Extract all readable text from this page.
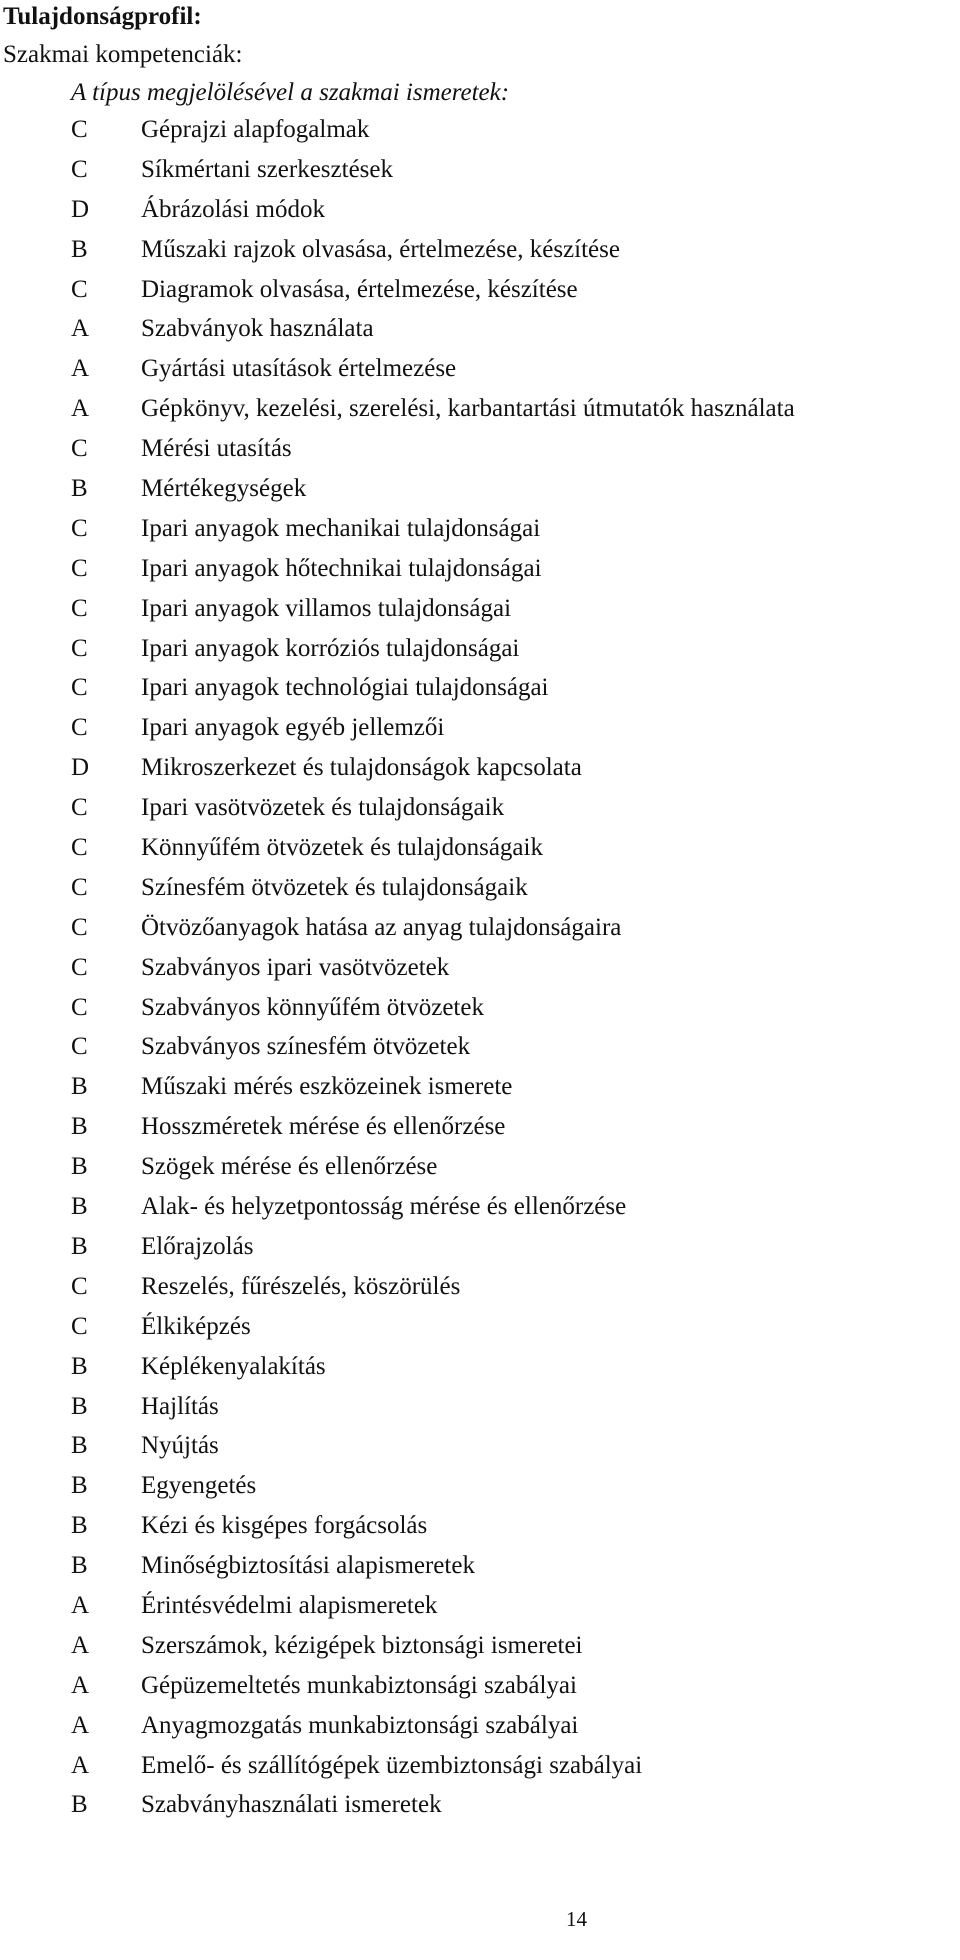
Tulajdonságprofil:
Szakmai kompetenciák:
A típus megjelölésével a szakmai ismeretek:
C Géprajzi alapfogalmak
C Síkmértani szerkesztések
D Ábrázolási módok
B Műszaki rajzok olvasása, értelmezése, készítése
C Diagramok olvasása, értelmezése, készítése
A Szabványok használata
A Gyártási utasítások értelmezése
A Gépkönyv, kezelési, szerelési, karbantartási útmutatók használata
C Mérési utasítás
B Mértékegységek
C Ipari anyagok mechanikai tulajdonságai
C Ipari anyagok hőtechnikai tulajdonságai
C Ipari anyagok villamos tulajdonságai
C Ipari anyagok korróziós tulajdonságai
C Ipari anyagok technológiai tulajdonságai
C Ipari anyagok egyéb jellemzői
D Mikroszerkezet és tulajdonságok kapcsolata
C Ipari vasötvözetek és tulajdonságaik
C Könnyűfém ötvözetek és tulajdonságaik
C Színesfém ötvözetek és tulajdonságaik
C Ötvözőanyagok hatása az anyag tulajdonságaira
C Szabványos ipari vasötvözetek
C Szabványos könnyűfém ötvözetek
C Szabványos színesfém ötvözetek
B Műszaki mérés eszközeinek ismerete
B Hosszméretek mérése és ellenőrzése
B Szögek mérése és ellenőrzése
B Alak- és helyzetpontosság mérése és ellenőrzése
B Előrajzolás
C Reszelés, fűrészelés, köszörülés
C Élkiképzés
B Képlékenyalakítás
B Hajlítás
B Nyújtás
B Egyengetés
B Kézi és kisgépes forgácsolás
B Minőségbiztosítási alapismeretek
A Érintésvédelmi alapismeretek
A Szerszámok, kézigépek biztonsági ismeretei
A Gépüzemeltetés munkabiztonsági szabályai
A Anyagmozgatás munkabiztonsági szabályai
A Emelő- és szállítógépek üzembiztonsági szabályai
B Szabványhasználati ismeretek
14
